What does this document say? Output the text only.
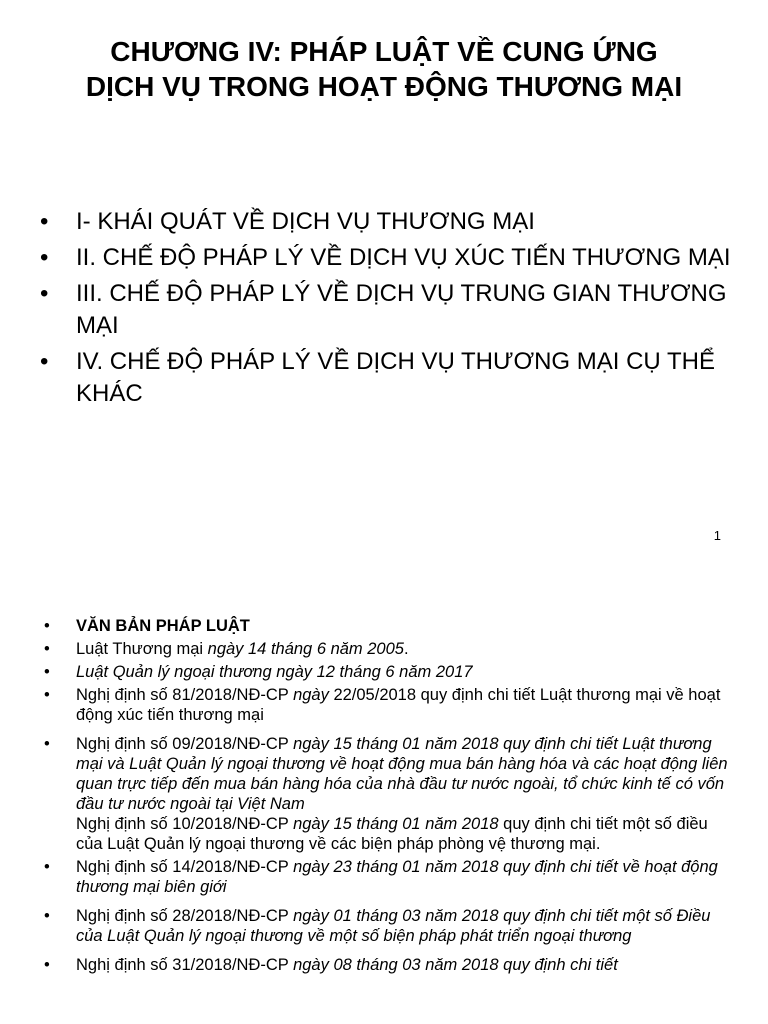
CHƯƠNG IV: PHÁP LUẬT VỀ CUNG ỨNG
DỊCH VỤ TRONG HOẠT ĐỘNG THƯƠNG MẠI
• I- KHÁI QUÁT VỀ DỊCH VỤ THƯƠNG MẠI
• II. CHẾ ĐỘ PHÁP LÝ VỀ DỊCH VỤ XÚC TIẾN THƯƠNG MẠI
• III. CHẾ ĐỘ PHÁP LÝ VỀ DỊCH VỤ TRUNG GIAN THƯƠNG MẠI
• IV. CHẾ ĐỘ PHÁP LÝ VỀ DỊCH VỤ THƯƠNG MẠI CỤ THỂ KHÁC
1
• VĂN BẢN PHÁP LUẬT
• Luật Thương mại ngày 14 tháng 6 năm 2005.
• Luật Quản lý ngoại thương ngày 12 tháng 6 năm 2017
• Nghị định số 81/2018/NĐ-CP ngày 22/05/2018 quy định chi tiết Luật thương mại về hoạt động xúc tiến thương mại
• Nghị định số 09/2018/NĐ-CP ngày 15 tháng 01 năm 2018 quy định chi tiết Luật thương mại và Luật Quản lý ngoại thương về hoạt động mua bán hàng hóa và các hoạt động liên quan trực tiếp đến mua bán hàng hóa của nhà đầu tư nước ngoài, tổ chức kinh tế có vốn đầu tư nước ngoài tại Việt Nam
Nghị định số 10/2018/NĐ-CP ngày 15 tháng 01 năm 2018 quy định chi tiết một số điều của Luật Quản lý ngoại thương về các biện pháp phòng vệ thương mại.
• Nghị định số 14/2018/NĐ-CP ngày 23 tháng 01 năm 2018 quy định chi tiết về hoạt động thương mại biên giới
• Nghị định số 28/2018/NĐ-CP ngày 01 tháng 03 năm 2018 quy định chi tiết một số Điều của Luật Quản lý ngoại thương về một số biện pháp phát triển ngoại thương
• Nghị định số 31/2018/NĐ-CP ngày 08 tháng 03 năm 2018 quy định chi tiết
